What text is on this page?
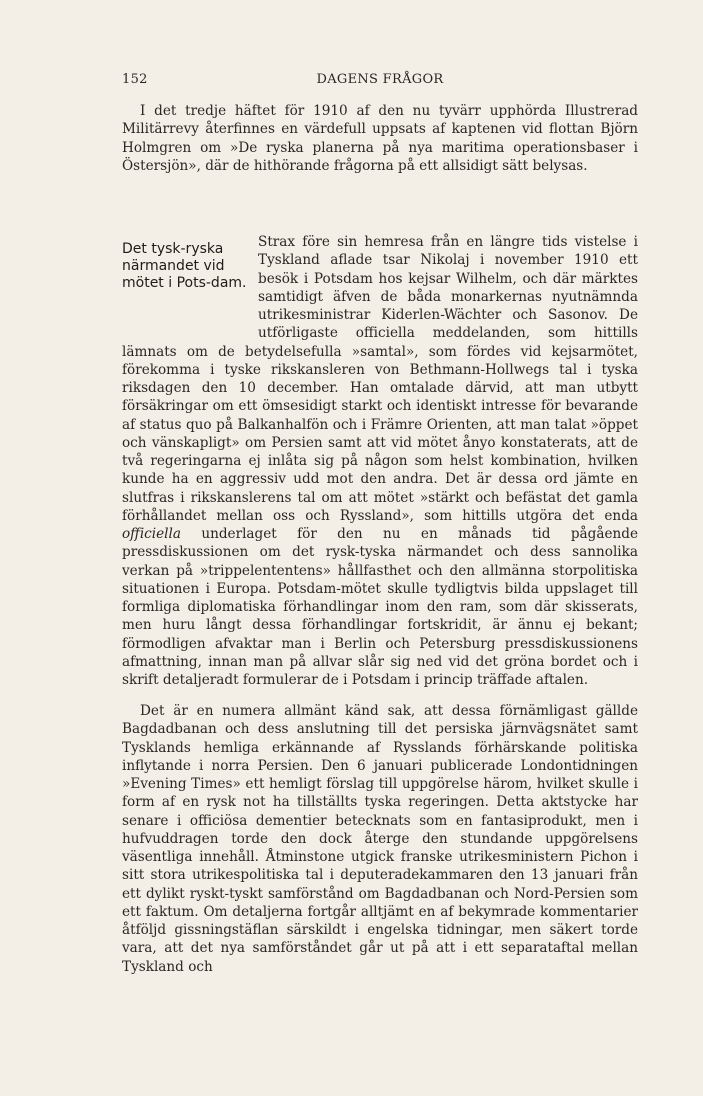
152	DAGENS FRÅGOR

I det tredje häftet för 1910 af den nu tyvärr upphörda Illustrerad Militärrevy återfinnes en värdefull uppsats af kaptenen vid flottan Björn Holmgren om »De ryska planerna på nya maritima operationsbaser i Östersjön», där de hithörande frågorna på ett allsidigt sätt belysas.

Det tysk-ryska närmandet vid mötet i Pots-dam.

Strax före sin hemresa från en längre tids vistelse i Tyskland aflade tsar Nikolaj i november 1910 ett besök i Potsdam hos kejsar Wilhelm, och där märktes samtidigt äfven de båda monarkernas nyutnämnda utrikesministrar Kiderlen-Wächter och Sasonov. De utförligaste officiella meddelanden, som hittills lämnats om de betydelsefulla »samtal», som fördes vid kejsarmötet, förekomma i tyske rikskansleren von Bethmann-Hollwegs tal i tyska riksdagen den 10 december. Han omtalade därvid, att man utbytt försäkringar om ett ömsesidigt starkt och identiskt intresse för bevarande af status quo på Balkanhalfön och i Främre Orienten, att man talat »öppet och vänskapligt» om Persien samt att vid mötet ånyo konstaterats, att de två regeringarna ej inlåta sig på någon som helst kombination, hvilken kunde ha en aggressiv udd mot den andra. Det är dessa ord jämte en slutfras i rikskanslerens tal om att mötet »stärkt och befästat det gamla förhållandet mellan oss och Ryssland», som hittills utgöra det enda officiella underlaget för den nu en månads tid pågående pressdiskussionen om det rysk-tyska närmandet och dess sannolika verkan på »trippelententens» hållfasthet och den allmänna storpolitiska situationen i Europa. Potsdam-mötet skulle tydligtvis bilda uppslaget till formliga diplomatiska förhandlingar inom den ram, som där skisserats, men huru långt dessa förhandlingar fortskridit, är ännu ej bekant; förmodligen afvaktar man i Berlin och Petersburg pressdiskussionens afmattning, innan man på allvar slår sig ned vid det gröna bordet och i skrift detaljeradt formulerar de i Potsdam i princip träffade aftalen.

Det är en numera allmänt känd sak, att dessa förnämligast gällde Bagdadbanan och dess anslutning till det persiska järnvägsnätet samt Tysklands hemliga erkännande af Rysslands förhärskande politiska inflytande i norra Persien. Den 6 januari publicerade Londontidningen »Evening Times» ett hemligt förslag till uppgörelse härom, hvilket skulle i form af en rysk not ha tillställts tyska regeringen. Detta aktstycke har senare i officiösa dementier betecknats som en fantasiprodukt, men i hufvuddragen torde den dock återge den stundande uppgörelsens väsentliga innehåll. Åtminstone utgick franske utrikesministern Pichon i sitt stora utrikespolitiska tal i deputeradekammaren den 13 januari från ett dylikt ryskt-tyskt samförstånd om Bagdadbanan och Nord-Persien som ett faktum. Om detaljerna fortgår alltjämt en af bekymrade kommentarier åtföljd gissningstäflan särskildt i engelska tidningar, men säkert torde vara, att det nya samförståndet går ut på att i ett separataftal mellan Tyskland och
